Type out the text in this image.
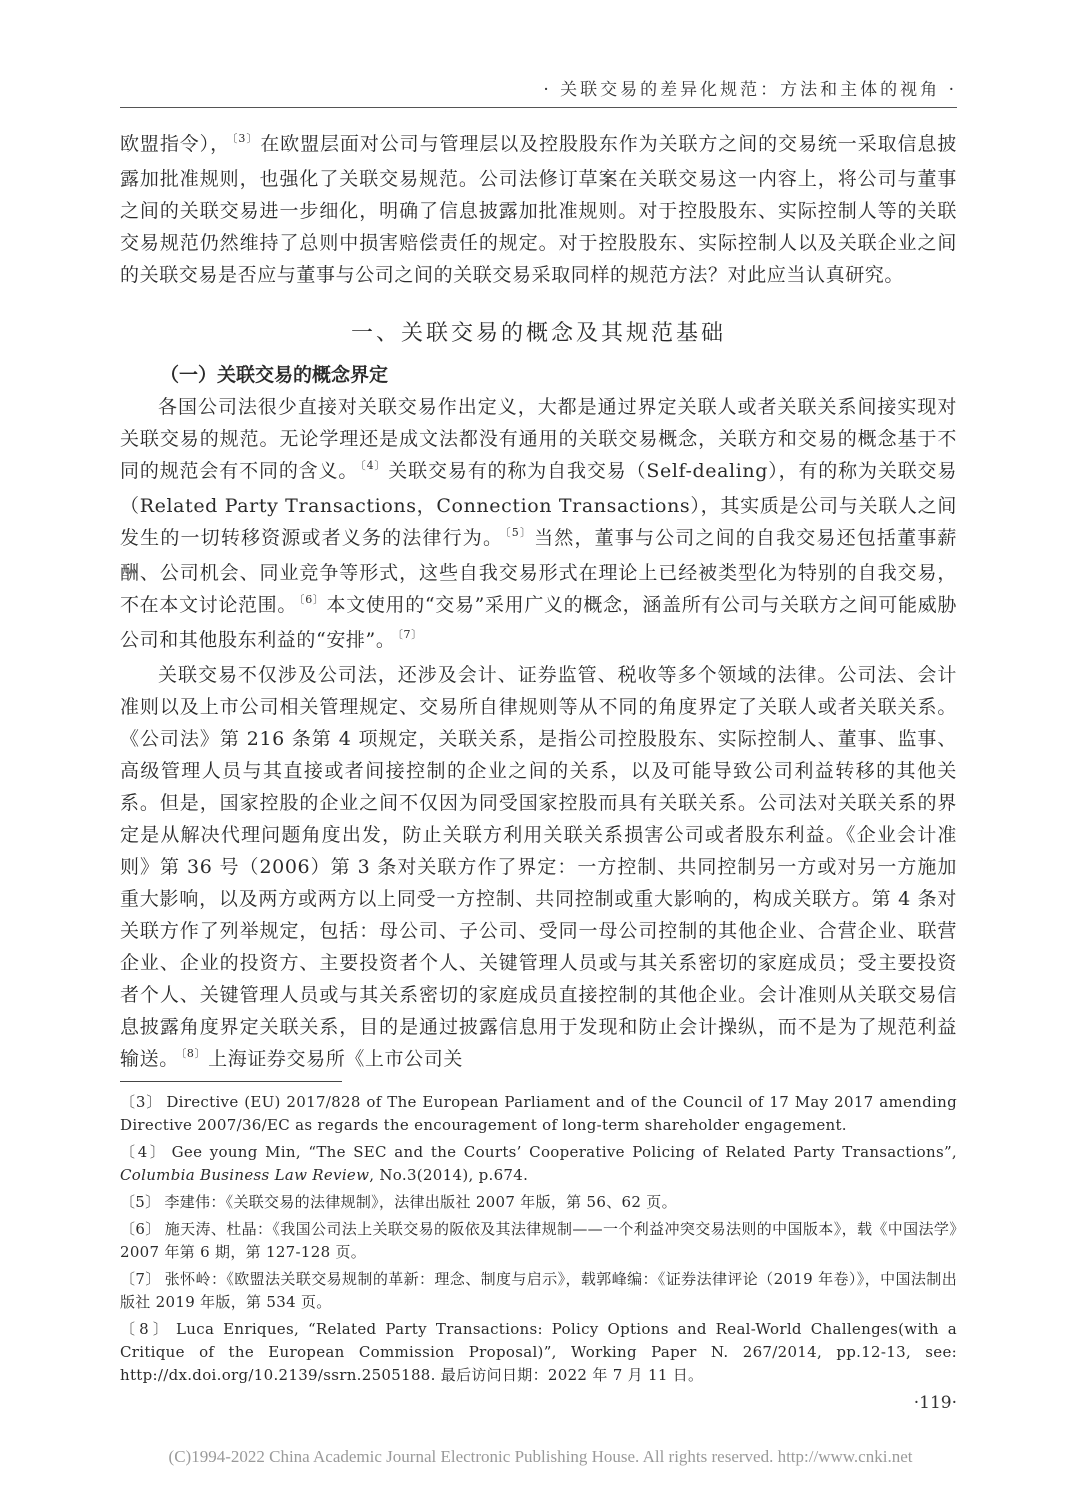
· 关联交易的差异化规范：方法和主体的视角 ·

欧盟指令）， $^{〔3〕}$ 在欧盟层面对公司与管理层以及控股股东作为关联方之间的交易统一采取信息披露加批准规则，也强化了关联交易规范。公司法修订草案在关联交易这一内容上，将公司与董事之间的关联交易进一步细化，明确了信息披露加批准规则。对于控股股东、实际控制人等的关联交易规范仍然维持了总则中损害赔偿责任的规定。对于控股股东、实际控制人以及关联企业之间的关联交易是否应与董事与公司之间的关联交易采取同样的规范方法？对此应当认真研究。

一、关联交易的概念及其规范基础
（一）关联交易的概念界定

各国公司法很少直接对关联交易作出定义，大都是通过界定关联人或者关联关系间接实现对关联交易的规范。无论学理还是成文法都没有通用的关联交易概念，关联方和交易的概念基于不同的规范会有不同的含义。 $^{〔4〕}$ 关联交易有的称为自我交易（Self-dealing），有的称为关联交易（Related Party Transactions，Connection Transactions），其实质是公司与关联人之间发生的一切转移资源或者义务的法律行为。 $^{〔5〕}$ 当然，董事与公司之间的自我交易还包括董事薪酬、公司机会、同业竞争等形式，这些自我交易形式在理论上已经被类型化为特别的自我交易，不在本文讨论范围。 $^{〔6〕}$ 本文使用的“交易”采用广义的概念，涵盖所有公司与关联方之间可能威胁公司和其他股东利益的“安排”。 $^{〔7〕}$

关联交易不仅涉及公司法，还涉及会计、证券监管、税收等多个领域的法律。公司法、会计准则以及上市公司相关管理规定、交易所自律规则等从不同的角度界定了关联人或者关联关系。《公司法》第 216 条第 4 项规定，关联关系，是指公司控股股东、实际控制人、董事、监事、高级管理人员与其直接或者间接控制的企业之间的关系，以及可能导致公司利益转移的其他关系。但是，国家控股的企业之间不仅因为同受国家控股而具有关联关系。公司法对关联关系的界定是从解决代理问题角度出发，防止关联方利用关联关系损害公司或者股东利益。《企业会计准则》第 36 号（2006）第 3 条对关联方作了界定：一方控制、共同控制另一方或对另一方施加重大影响，以及两方或两方以上同受一方控制、共同控制或重大影响的，构成关联方。第 4 条对关联方作了列举规定，包括：母公司、子公司、受同一母公司控制的其他企业、合营企业、联营企业、企业的投资方、主要投资者个人、关键管理人员或与其关系密切的家庭成员；受主要投资者个人、关键管理人员或与其关系密切的家庭成员直接控制的其他企业。会计准则从关联交易信息披露角度界定关联关系，目的是通过披露信息用于发现和防止会计操纵，而不是为了规范利益输送。 $^{〔8〕}$ 上海证券交易所《上市公司关

〔3〕 Directive (EU) 2017/828 of The European Parliament and of the Council of 17 May 2017 amending Directive 2007/36/EC as regards the encouragement of long-term shareholder engagement.

〔4〕 Gee young Min, “The SEC and the Courts’ Cooperative Policing of Related Party Transactions”, Columbia Business Law Review, No.3(2014), p.674.

〔5〕 李建伟：《关联交易的法律规制》，法律出版社 2007 年版，第 56、62 页。

〔6〕 施天涛、杜晶：《我国公司法上关联交易的阪依及其法律规制——一个利益冲突交易法则的中国版本》，载《中国法学》2007 年第 6 期，第 127-128 页。

〔7〕 张怀岭：《欧盟法关联交易规制的革新：理念、制度与启示》，载郭峰编：《证券法律评论（2019 年卷）》，中国法制出版社 2019 年版，第 534 页。

〔8〕 Luca Enriques, “Related Party Transactions: Policy Options and Real-World Challenges(with a Critique of the European Commission Proposal)”, Working Paper N. 267/2014, pp.12-13, see: http://dx.doi.org/10.2139/ssrn.2505188. 最后访问日期：2022 年 7 月 11 日。

·119·
(C)1994-2022 China Academic Journal Electronic Publishing House. All rights reserved. http://www.cnki.net
